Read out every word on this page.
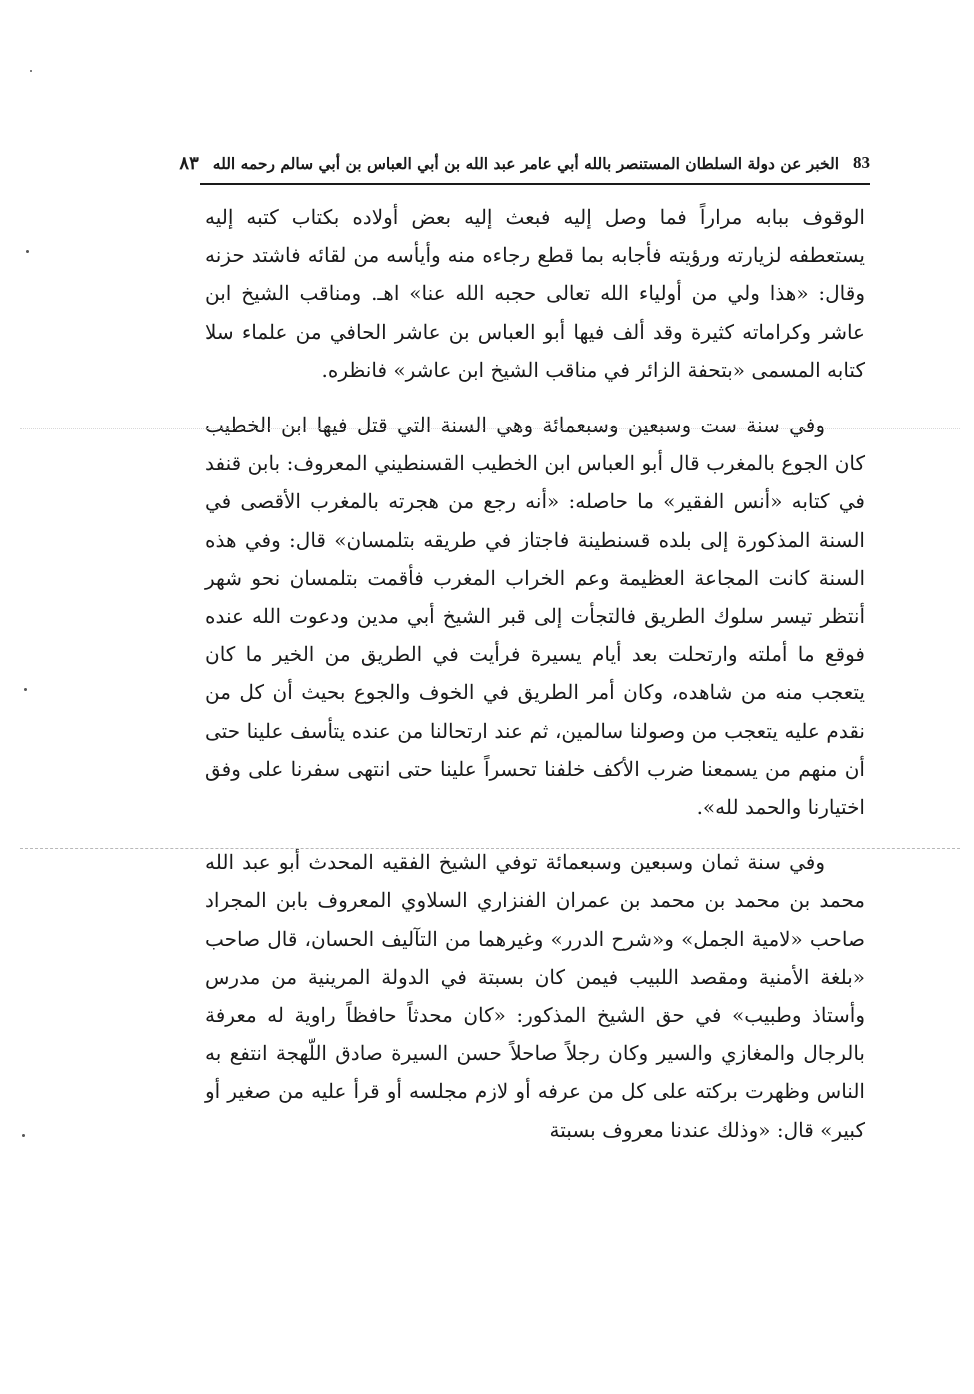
83
الخبر عن دولة السلطان المستنصر بالله أبي عامر عبد الله بن أبي العباس بن أبي سالم رحمه الله
٨٣

الوقوف ببابه مراراً فما وصل إليه فبعث إليه بعض أولاده بكتاب كتبه إليه يستعطفه لزيارته ورؤيته فأجابه بما قطع رجاءه منه وأيأسه من لقائه فاشتد حزنه وقال: «هذا ولي من أولياء الله تعالى حجبه الله عنا» اهـ. ومناقب الشيخ ابن عاشر وكراماته كثيرة وقد ألف فيها أبو العباس بن عاشر الحافي من علماء سلا كتابه المسمى «بتحفة الزائر في مناقب الشيخ ابن عاشر» فانظره.

وفي سنة ست وسبعين وسبعمائة وهي السنة التي قتل فيها ابن الخطيب كان الجوع بالمغرب قال أبو العباس ابن الخطيب القسنطيني المعروف: بابن قنفد في كتابه «أنس الفقير» ما حاصله: «أنه رجع من هجرته بالمغرب الأقصى في السنة المذكورة إلى بلده قسنطينة فاجتاز في طريقه بتلمسان» قال: وفي هذه السنة كانت المجاعة العظيمة وعم الخراب المغرب فأقمت بتلمسان نحو شهر أنتظر تيسر سلوك الطريق فالتجأت إلى قبر الشيخ أبي مدين ودعوت الله عنده فوقع ما أملته وارتحلت بعد أيام يسيرة فرأيت في الطريق من الخير ما كان يتعجب منه من شاهده، وكان أمر الطريق في الخوف والجوع بحيث أن كل من نقدم عليه يتعجب من وصولنا سالمين، ثم عند ارتحالنا من عنده يتأسف علينا حتى أن منهم من يسمعنا ضرب الأكف خلفنا تحسراً علينا حتى انتهى سفرنا على وفق اختيارنا والحمد لله».

وفي سنة ثمان وسبعين وسبعمائة توفي الشيخ الفقيه المحدث أبو عبد الله محمد بن محمد بن محمد بن عمران الفنزاري السلاوي المعروف بابن المجراد صاحب «لامية الجمل» و«شرح الدرر» وغيرهما من التآليف الحسان، قال صاحب «بلغة الأمنية ومقصد اللبيب فيمن كان بسبتة في الدولة المرينية من مدرس وأستاذ وطبيب» في حق الشيخ المذكور: «كان محدثاً حافظاً راوية له معرفة بالرجال والمغازي والسير وكان رجلاً صاحلاً حسن السيرة صادق اللّهجة انتفع به الناس وظهرت بركته على كل من عرفه أو لازم مجلسه أو قرأ عليه من صغير أو كبير» قال: «وذلك عندنا معروف بسبتة
